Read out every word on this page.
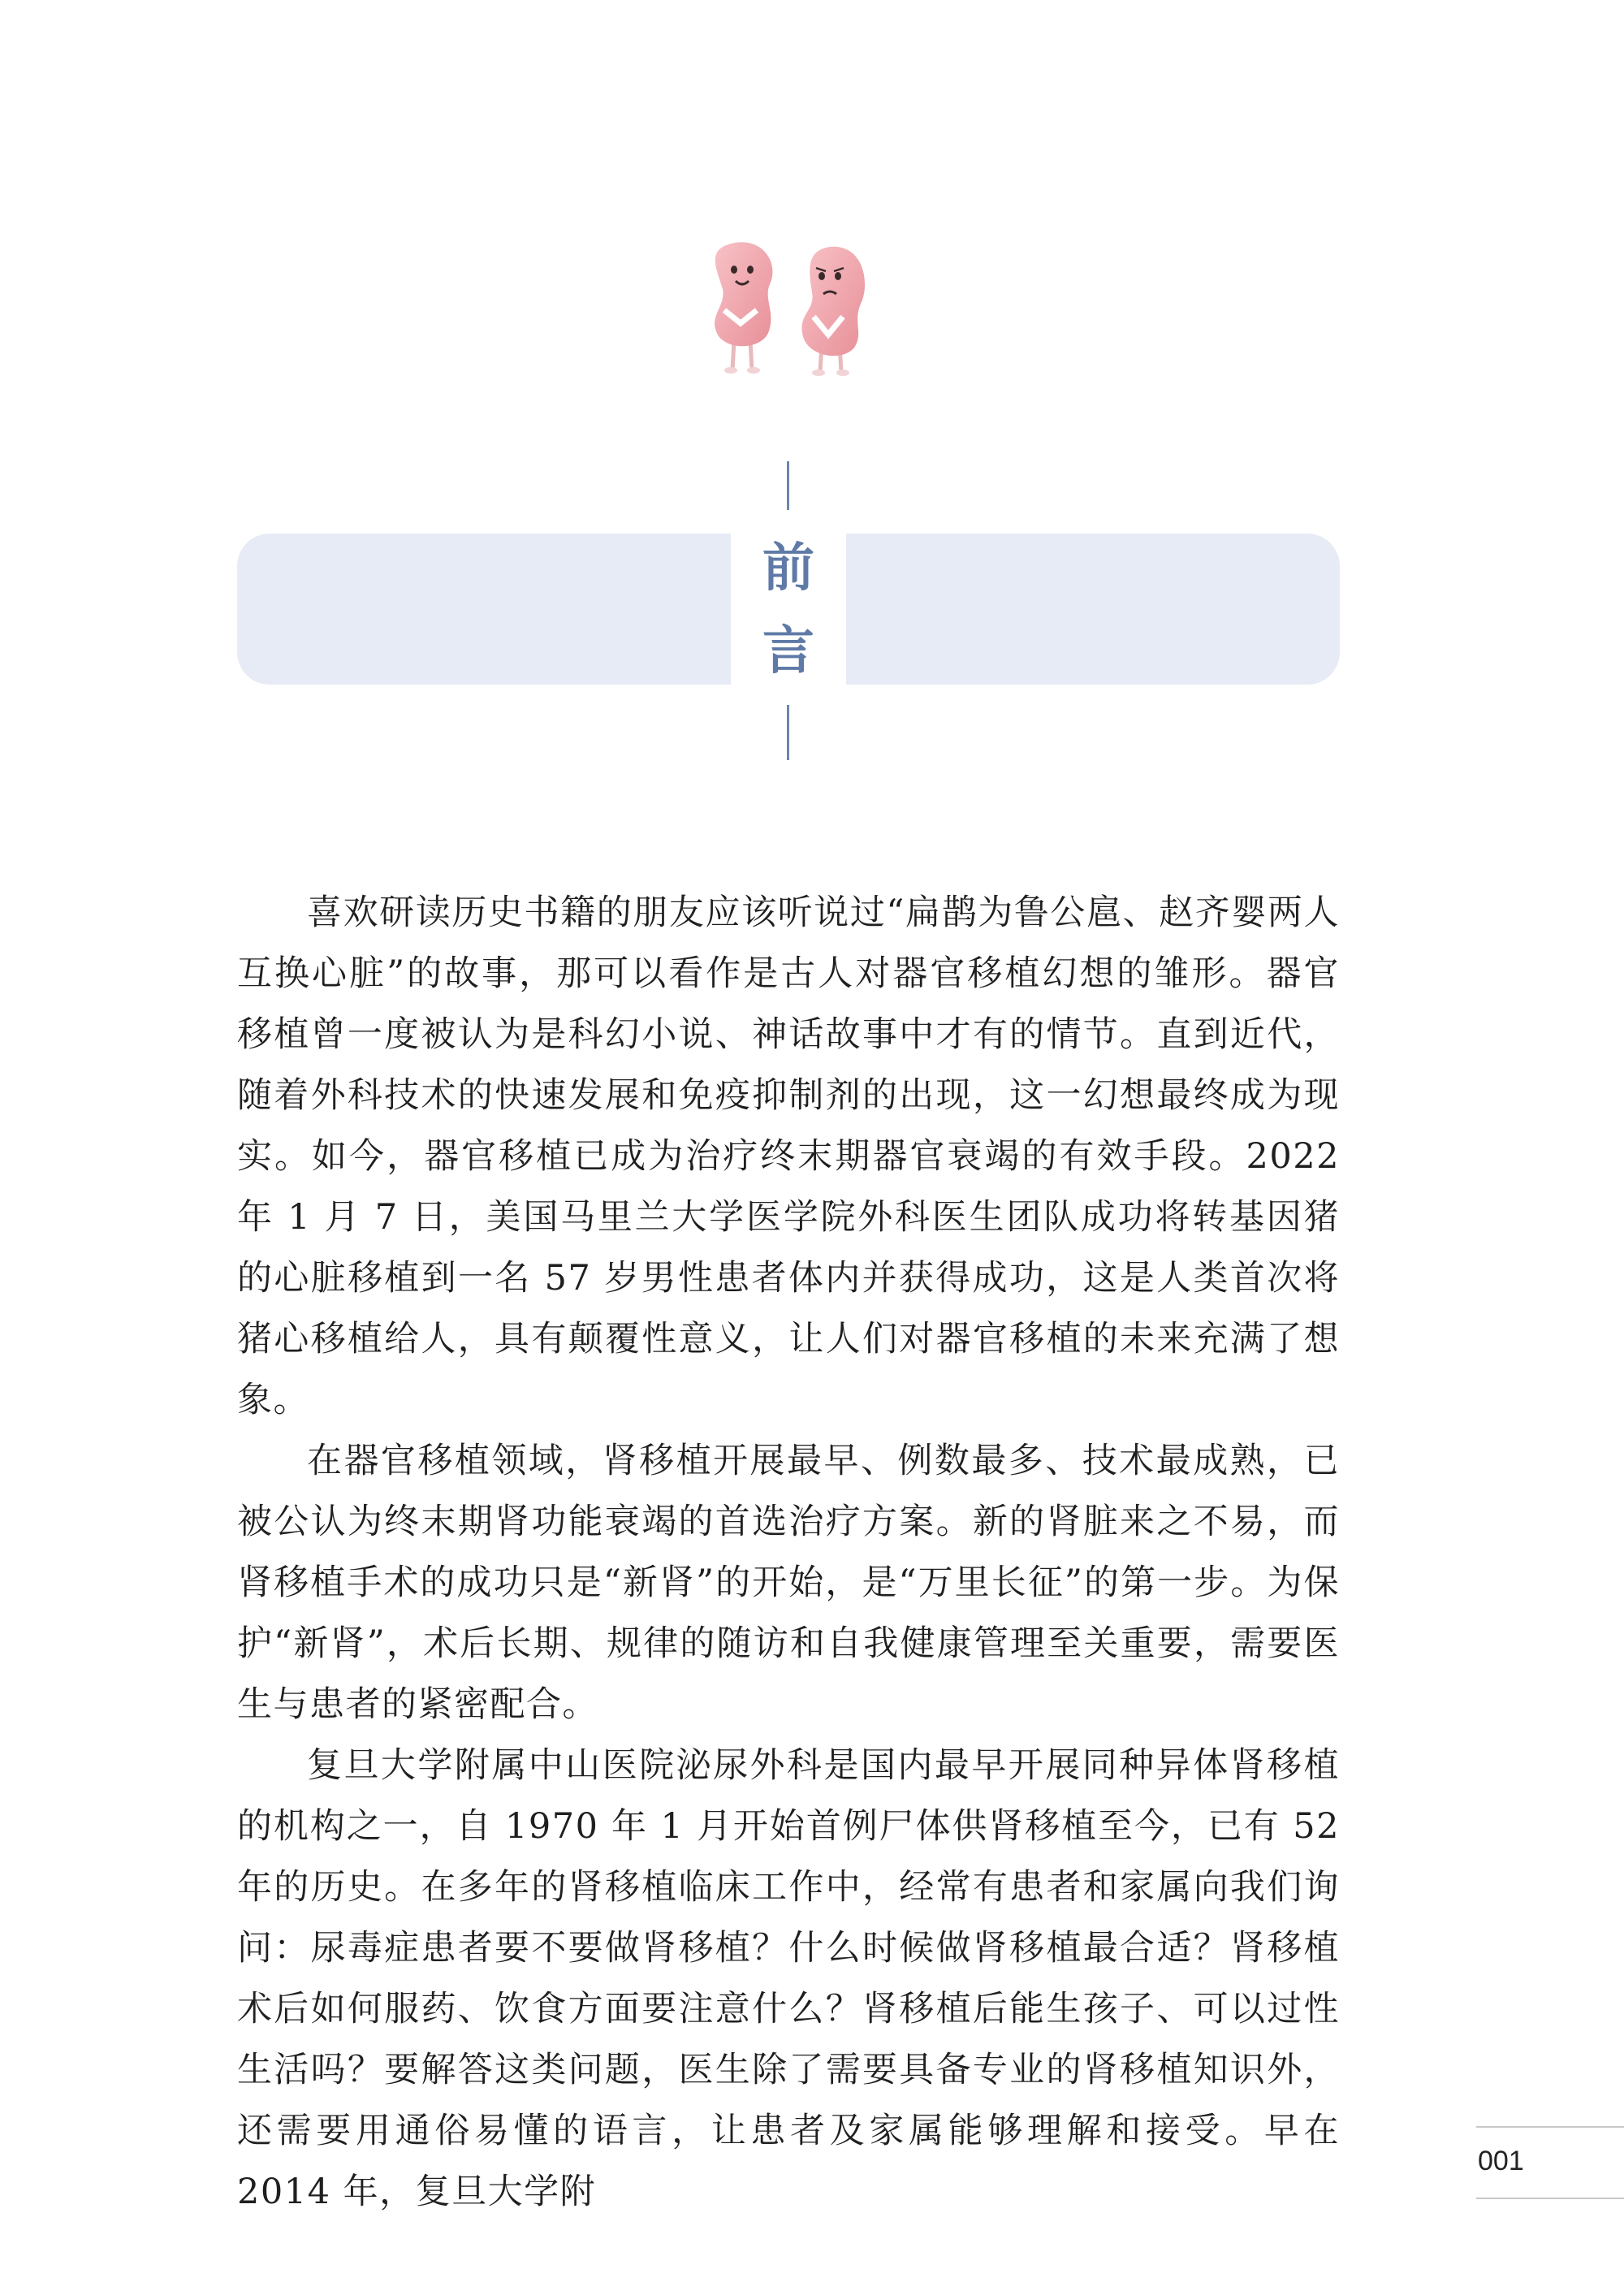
前
言

喜欢研读历史书籍的朋友应该听说过“扁鹊为鲁公扈、赵齐婴两人互换心脏”的故事，那可以看作是古人对器官移植幻想的雏形。器官移植曾一度被认为是科幻小说、神话故事中才有的情节。直到近代，随着外科技术的快速发展和免疫抑制剂的出现，这一幻想最终成为现实。如今，器官移植已成为治疗终末期器官衰竭的有效手段。2022 年 1 月 7 日，美国马里兰大学医学院外科医生团队成功将转基因猪的心脏移植到一名 57 岁男性患者体内并获得成功，这是人类首次将猪心移植给人，具有颠覆性意义，让人们对器官移植的未来充满了想象。

在器官移植领域，肾移植开展最早、例数最多、技术最成熟，已被公认为终末期肾功能衰竭的首选治疗方案。新的肾脏来之不易，而肾移植手术的成功只是“新肾”的开始，是“万里长征”的第一步。为保护“新肾”，术后长期、规律的随访和自我健康管理至关重要，需要医生与患者的紧密配合。

复旦大学附属中山医院泌尿外科是国内最早开展同种异体肾移植的机构之一，自 1970 年 1 月开始首例尸体供肾移植至今，已有 52 年的历史。在多年的肾移植临床工作中，经常有患者和家属向我们询问：尿毒症患者要不要做肾移植？什么时候做肾移植最合适？肾移植术后如何服药、饮食方面要注意什么？肾移植后能生孩子、可以过性生活吗？要解答这类问题，医生除了需要具备专业的肾移植知识外，还需要用通俗易懂的语言，让患者及家属能够理解和接受。早在 2014 年，复旦大学附

001
